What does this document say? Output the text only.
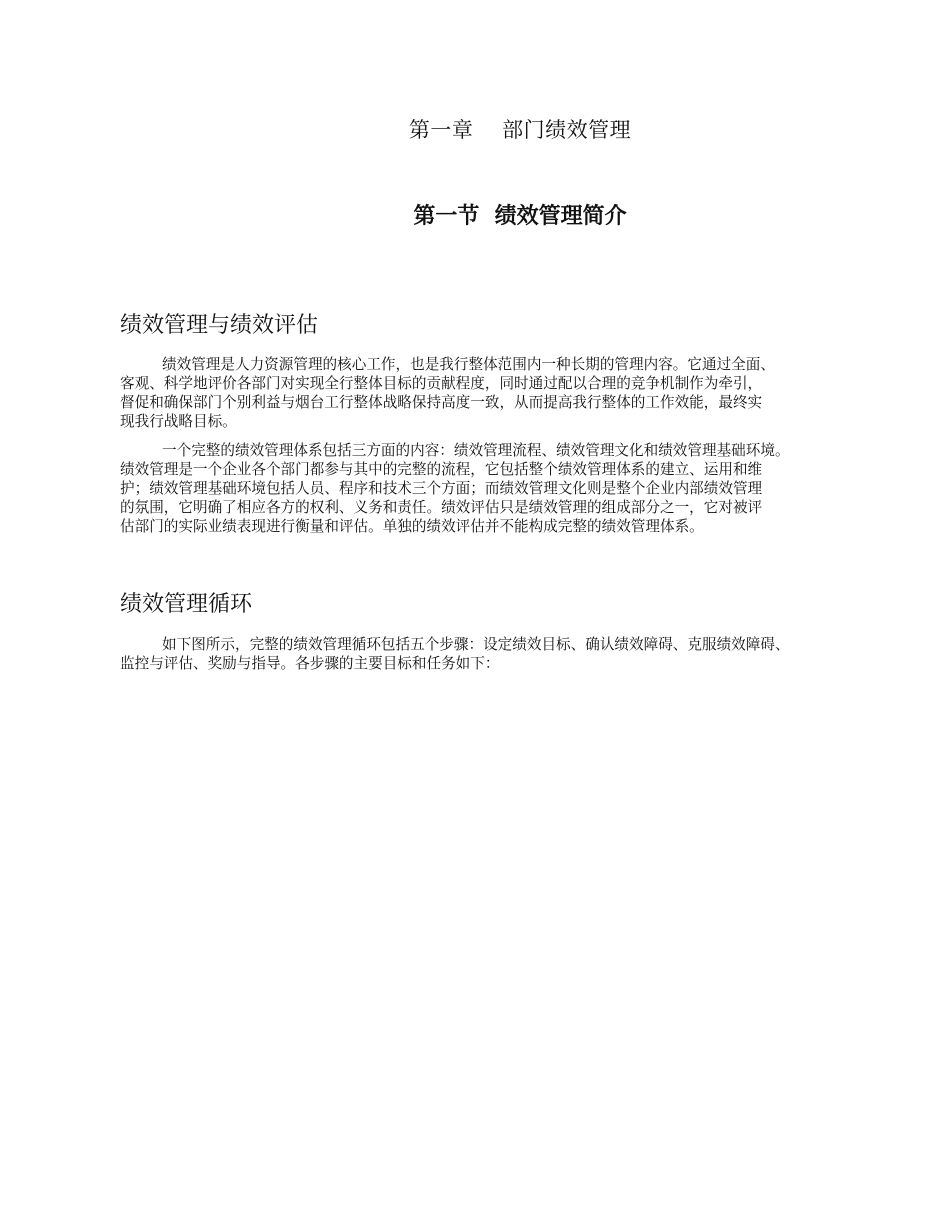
第一章    部门绩效管理
第一节  绩效管理简介
绩效管理与绩效评估
绩效管理是人力资源管理的核心工作，也是我行整体范围内一种长期的管理内容。它通过全面、
客观、科学地评价各部门对实现全行整体目标的贡献程度，同时通过配以合理的竞争机制作为牵引，
督促和确保部门个别利益与烟台工行整体战略保持高度一致，从而提高我行整体的工作效能，最终实
现我行战略目标。
一个完整的绩效管理体系包括三方面的内容：绩效管理流程、绩效管理文化和绩效管理基础环境。
绩效管理是一个企业各个部门都参与其中的完整的流程，它包括整个绩效管理体系的建立、运用和维
护；绩效管理基础环境包括人员、程序和技术三个方面；而绩效管理文化则是整个企业内部绩效管理
的氛围，它明确了相应各方的权利、义务和责任。绩效评估只是绩效管理的组成部分之一，它对被评
估部门的实际业绩表现进行衡量和评估。单独的绩效评估并不能构成完整的绩效管理体系。
绩效管理循环
如下图所示，完整的绩效管理循环包括五个步骤：设定绩效目标、确认绩效障碍、克服绩效障碍、
监控与评估、奖励与指导。各步骤的主要目标和任务如下：
